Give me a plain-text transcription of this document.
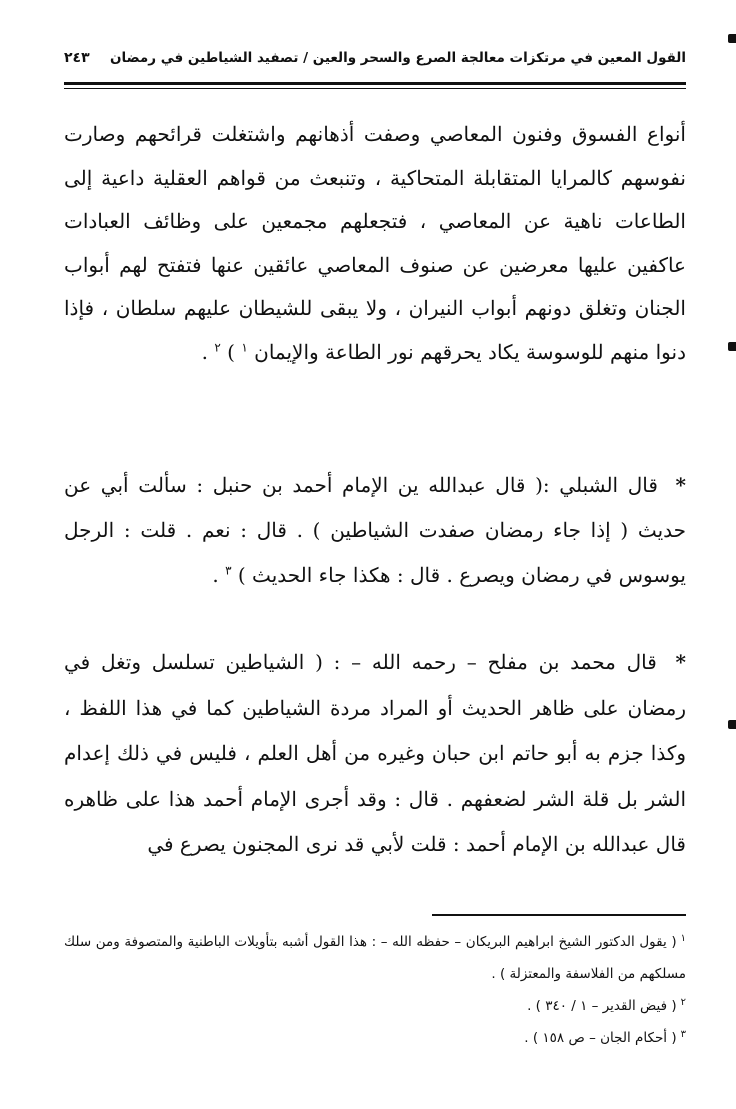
القول المعين في مرتكزات معالجة الصرع والسحر والعين / تصفيد الشياطين في رمضان
٢٤٣

أنواع الفسوق وفنون المعاصي وصفت أذهانهم واشتغلت قرائحهم وصارت نفوسهم كالمرايا المتقابلة المتحاكية ، وتنبعث من قواهم العقلية داعية إلى الطاعات ناهية عن المعاصي ، فتجعلهم مجمعين على وظائف العبادات عاكفين عليها معرضين عن صنوف المعاصي عائقين عنها فتفتح لهم أبواب الجنان وتغلق دونهم أبواب النيران ، ولا يبقى للشيطان عليهم سلطان ، فإذا دنوا منهم للوسوسة يكاد يحرقهم نور الطاعة والإيمان $^١$ ) $^٢$ .

* قال الشبلي :( قال عبدالله ين الإمام أحمد بن حنبل : سألت أبي عن حديث ( إذا جاء رمضان صفدت الشياطين ) . قال : نعم . قلت : الرجل يوسوس في رمضان ويصرع . قال : هكذا جاء الحديث ) $^٣$ .

* قال محمد بن مفلح – رحمه الله – : ( الشياطين تسلسل وتغل في رمضان على ظاهر الحديث أو المراد مردة الشياطين كما في هذا اللفظ ، وكذا جزم به أبو حاتم ابن حبان وغيره من أهل العلم ، فليس في ذلك إعدام الشر بل قلة الشر لضعفهم . قال : وقد أجرى الإمام أحمد هذا على ظاهره قال عبدالله بن الإمام أحمد : قلت لأبي قد نرى المجنون يصرع في

$^١$( يقول الدكتور الشيخ ابراهيم البريكان – حفظه الله – : هذا القول أشبه بتأويلات الباطنية والمتصوفة ومن سلك مسلكهم من الفلاسفة والمعتزلة ) .

$^٢$( فيض القدير – ١ / ٣٤٠ ) .

$^٣$( أحكام الجان – ص ١٥٨ ) .
